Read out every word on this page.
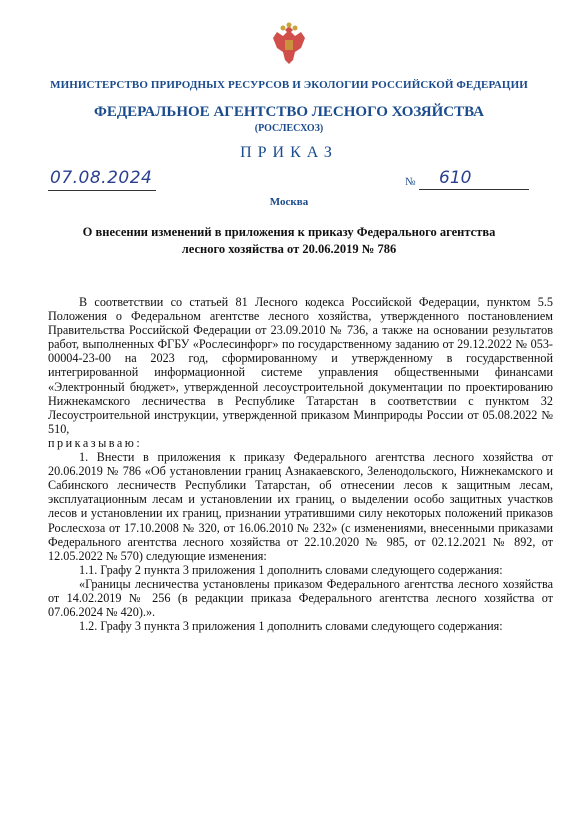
МИНИСТЕРСТВО ПРИРОДНЫХ РЕСУРСОВ И ЭКОЛОГИИ РОССИЙСКОЙ ФЕДЕРАЦИИ
ФЕДЕРАЛЬНОЕ АГЕНТСТВО ЛЕСНОГО ХОЗЯЙСТВА
(РОСЛЕСХОЗ)
ПРИКАЗ
07.08.2024	№ 610
Москва
О внесении изменений в приложения к приказу Федерального агентства
лесного хозяйства от 20.06.2019 № 786

В соответствии со статьей 81 Лесного кодекса Российской Федерации, пунктом 5.5 Положения о Федеральном агентстве лесного хозяйства, утвержденного постановлением Правительства Российской Федерации от 23.09.2010 № 736, а также на основании результатов работ, выполненных ФГБУ «Рослесинфорг» по государственному заданию от 29.12.2022 № 053-00004-23-00 на 2023 год, сформированному и утвержденному в государственной интегрированной информационной системе управления общественными финансами «Электронный бюджет», утвержденной лесоустроительной документации по проектированию Нижнекамского лесничества в Республике Татарстан в соответствии с пунктом 32 Лесоустроительной инструкции, утвержденной приказом Минприроды России от 05.08.2022 № 510,
приказываю:

1. Внести в приложения к приказу Федерального агентства лесного хозяйства от 20.06.2019 № 786 «Об установлении границ Азнакаевского, Зеленодольского, Нижнекамского и Сабинского лесничеств Республики Татарстан, об отнесении лесов к защитным лесам, эксплуатационным лесам и установлении их границ, о выделении особо защитных участков лесов и установлении их границ, признании утратившими силу некоторых положений приказов Рослесхоза от 17.10.2008 № 320, от 16.06.2010 № 232» (с изменениями, внесенными приказами Федерального агентства лесного хозяйства от 22.10.2020 № 985, от 02.12.2021 № 892, от 12.05.2022 № 570) следующие изменения:

1.1. Графу 2 пункта 3 приложения 1 дополнить словами следующего содержания:

«Границы лесничества установлены приказом Федерального агентства лесного хозяйства от 14.02.2019 № 256 (в редакции приказа Федерального агентства лесного хозяйства от 07.06.2024 № 420).».

1.2. Графу 3 пункта 3 приложения 1 дополнить словами следующего содержания:
